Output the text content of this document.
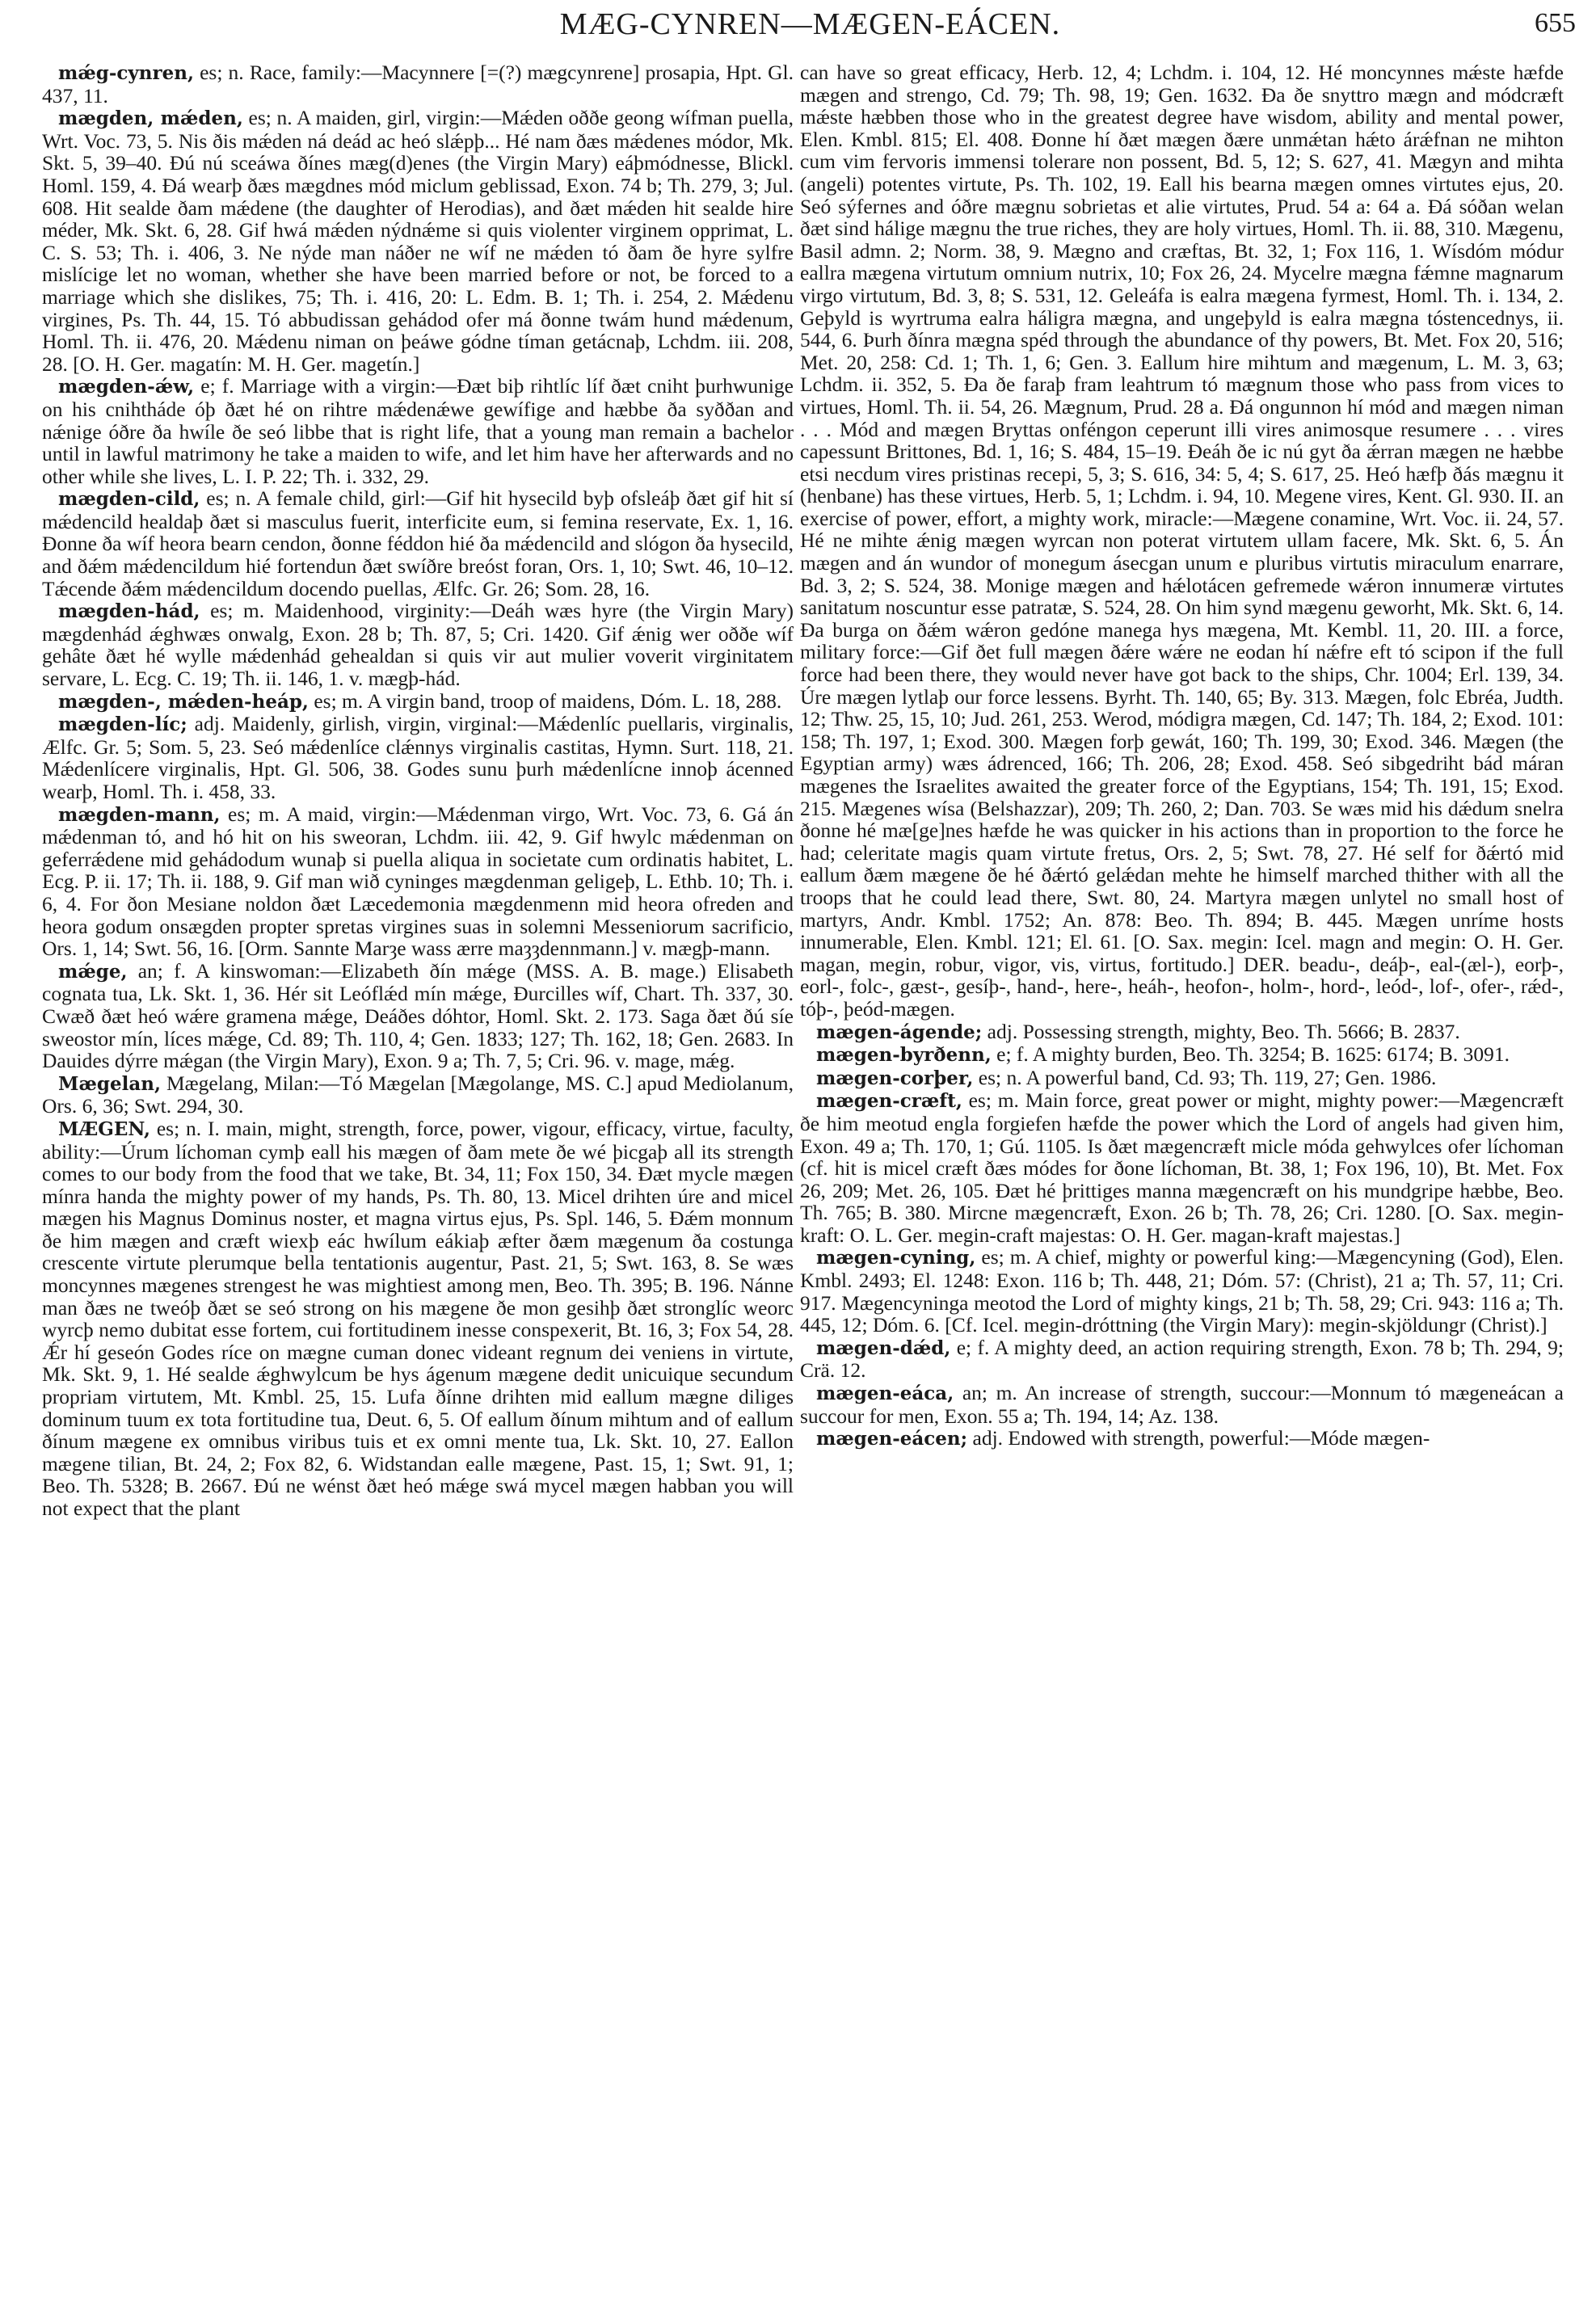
MÆG-CYNREN—MÆGEN-EÁCEN.	655

mǽg-cynren, es; n. Race, family:—Macynnere [=(?) mægcynrene] prosapia, Hpt. Gl. 437, 11.

mægden, mǽden, es; n. A maiden, girl, virgin:—Mǽden oððe geong wífman puella, Wrt. Voc. 73, 5. Nis ðis mǽden ná deád ac heó slǽpþ... Hé nam ðæs mǽdenes módor, Mk. Skt. 5, 39–40. Ðú nú sceáwa ðínes mæg(d)enes (the Virgin Mary) eáþmódnesse, Blickl. Homl. 159, 4. Ðá wearþ ðæs mægdnes mód miclum geblissad, Exon. 74 b; Th. 279, 3; Jul. 608. Hit sealde ðam mǽdene (the daughter of Herodias), and ðæt mǽden hit sealde hire méder, Mk. Skt. 6, 28. Gif hwá mǽden nýdnǽme si quis violenter virginem opprimat, L. C. S. 53; Th. i. 406, 3. Ne nýde man náðer ne wíf ne mǽden tó ðam ðe hyre sylfre mislícige let no woman, whether she have been married before or not, be forced to a marriage which she dislikes, 75; Th. i. 416, 20: L. Edm. B. 1; Th. i. 254, 2. Mǽdenu virgines, Ps. Th. 44, 15. Tó abbudissan gehádod ofer má ðonne twám hund mǽdenum, Homl. Th. ii. 476, 20. Mǽdenu niman on þeáwe gódne tíman getácnaþ, Lchdm. iii. 208, 28. [O. H. Ger. magatín: M. H. Ger. magetín.]

mægden-ǽw, e; f. Marriage with a virgin:—Ðæt biþ rihtlíc líf ðæt cniht þurhwunige on his cnihtháde óþ ðæt hé on rihtre mǽdenǽwe gewífige and hæbbe ða syððan and nǽnige óðre ða hwíle ðe seó libbe that is right life, that a young man remain a bachelor until in lawful matrimony he take a maiden to wife, and let him have her afterwards and no other while she lives, L. I. P. 22; Th. i. 332, 29.

mægden-cild, es; n. A female child, girl:—Gif hit hysecild byþ ofsleáþ ðæt gif hit sí mǽdencild healdaþ ðæt si masculus fuerit, interficite eum, si femina reservate, Ex. 1, 16. Ðonne ða wíf heora bearn cendon, ðonne féddon hié ða mǽdencild and slógon ða hysecild, and ðǽm mǽdencildum hié fortendun ðæt swíðre breóst foran, Ors. 1, 10; Swt. 46, 10–12. Tǽcende ðǽm mǽdencildum docendo puellas, Ælfc. Gr. 26; Som. 28, 16.

mægden-hád, es; m. Maidenhood, virginity:—Deáh wæs hyre (the Virgin Mary) mægdenhád ǽghwæs onwalg, Exon. 28 b; Th. 87, 5; Cri. 1420. Gif ǽnig wer oððe wíf gehâte ðæt hé wylle mǽdenhád gehealdan si quis vir aut mulier voverit virginitatem servare, L. Ecg. C. 19; Th. ii. 146, 1. v. mægþ-hád.

mægden-, mǽden-heáp, es; m. A virgin band, troop of maidens, Dóm. L. 18, 288.

mægden-líc; adj. Maidenly, girlish, virgin, virginal:—Mǽdenlíc puellaris, virginalis, Ælfc. Gr. 5; Som. 5, 23. Seó mǽdenlíce clǽnnys virginalis castitas, Hymn. Surt. 118, 21. Mǽdenlícere virginalis, Hpt. Gl. 506, 38. Godes sunu þurh mǽdenlícne innoþ ácenned wearþ, Homl. Th. i. 458, 33.

mægden-mann, es; m. A maid, virgin:—Mǽdenman virgo, Wrt. Voc. 73, 6. Gá án mǽdenman tó, and hó hit on his sweoran, Lchdm. iii. 42, 9. Gif hwylc mǽdenman on geferrǽdene mid gehádodum wunaþ si puella aliqua in societate cum ordinatis habitet, L. Ecg. P. ii. 17; Th. ii. 188, 9. Gif man wið cyninges mægdenman geligeþ, L. Ethb. 10; Th. i. 6, 4. For ðon Mesiane noldon ðæt Læcedemonia mægdenmenn mid heora ofreden and heora godum onsægden propter spretas virgines suas in solemni Messeniorum sacrificio, Ors. 1, 14; Swt. 56, 16. [Orm. Sannte Marȝe wass ærre maȝȝdennmann.] v. mægþ-mann.

mǽge, an; f. A kinswoman:—Elizabeth ðín mǽge (MSS. A. B. mage.) Elisabeth cognata tua, Lk. Skt. 1, 36. Hér sit Leóflǽd mín mǽge, Ðurcilles wíf, Chart. Th. 337, 30. Cwæð ðæt heó wǽre gramena mǽge, Deáðes dóhtor, Homl. Skt. 2. 173. Saga ðæt ðú síe sweostor mín, líces mǽge, Cd. 89; Th. 110, 4; Gen. 1833; 127; Th. 162, 18; Gen. 2683. In Dauides dýrre mǽgan (the Virgin Mary), Exon. 9 a; Th. 7, 5; Cri. 96. v. mage, mǽg.

Mægelan, Mægelang, Milan:—Tó Mægelan [Mægolange, MS. C.] apud Mediolanum, Ors. 6, 36; Swt. 294, 30.

MÆGEN, es; n. I. main, might, strength, force, power, vigour, efficacy, virtue, faculty, ability:—Úrum líchoman cymþ eall his mægen of ðam mete ðe wé þicgaþ all its strength comes to our body from the food that we take, Bt. 34, 11; Fox 150, 34. Ðæt mycle mægen mínra handa the mighty power of my hands, Ps. Th. 80, 13. Micel drihten úre and micel mægen his Magnus Dominus noster, et magna virtus ejus, Ps. Spl. 146, 5. Ðǽm monnum ðe him mægen and cræft wiexþ eác hwílum eákiaþ æfter ðæm mægenum ða costunga crescente virtute plerumque bella tentationis augentur, Past. 21, 5; Swt. 163, 8. Se wæs moncynnes mægenes strengest he was mightiest among men, Beo. Th. 395; B. 196. Nánne man ðæs ne tweóþ ðæt se seó strong on his mægene ðe mon gesihþ ðæt stronglíc weorc wyrcþ nemo dubitat esse fortem, cui fortitudinem inesse conspexerit, Bt. 16, 3; Fox 54, 28. Ǽr hí geseón Godes ríce on mægne cuman donec videant regnum dei veniens in virtute, Mk. Skt. 9, 1. Hé sealde ǽghwylcum be hys ágenum mægene dedit unicuique secundum propriam virtutem, Mt. Kmbl. 25, 15. Lufa ðínne drihten mid eallum mægne diliges dominum tuum ex tota fortitudine tua, Deut. 6, 5. Of eallum ðínum mihtum and of eallum ðínum mægene ex omnibus viribus tuis et ex omni mente tua, Lk. Skt. 10, 27. Eallon mægene tilian, Bt. 24, 2; Fox 82, 6. Widstandan ealle mægene, Past. 15, 1; Swt. 91, 1; Beo. Th. 5328; B. 2667. Ðú ne wénst ðæt heó mǽge swá mycel mægen habban you will not expect that the plant

can have so great efficacy, Herb. 12, 4; Lchdm. i. 104, 12. Hé moncynnes mǽste hæfde mægen and strengo, Cd. 79; Th. 98, 19; Gen. 1632. Ða ðe snyttro mægn and módcræft mǽste hæbben those who in the greatest degree have wisdom, ability and mental power, Elen. Kmbl. 815; El. 408. Ðonne hí ðæt mægen ðære unmǽtan hǽto árǽfnan ne mihton cum vim fervoris immensi tolerare non possent, Bd. 5, 12; S. 627, 41. Mægyn and mihta (angeli) potentes virtute, Ps. Th. 102, 19. Eall his bearna mægen omnes virtutes ejus, 20. Seó sýfernes and óðre mægnu sobrietas et alie virtutes, Prud. 54 a: 64 a. Ðá sóðan welan ðæt sind hálige mægnu the true riches, they are holy virtues, Homl. Th. ii. 88, 310. Mægenu, Basil admn. 2; Norm. 38, 9. Mægno and cræftas, Bt. 32, 1; Fox 116, 1. Wísdóm módur eallra mægena virtutum omnium nutrix, 10; Fox 26, 24. Mycelre mægna fǽmne magnarum virgo virtutum, Bd. 3, 8; S. 531, 12. Geleáfa is ealra mægena fyrmest, Homl. Th. i. 134, 2. Geþyld is wyrtruma ealra háligra mægna, and ungeþyld is ealra mægna tóstencednys, ii. 544, 6. Þurh ðínra mægna spéd through the abundance of thy powers, Bt. Met. Fox 20, 516; Met. 20, 258: Cd. 1; Th. 1, 6; Gen. 3. Eallum hire mihtum and mægenum, L. M. 3, 63; Lchdm. ii. 352, 5. Ða ðe faraþ fram leahtrum tó mægnum those who pass from vices to virtues, Homl. Th. ii. 54, 26. Mægnum, Prud. 28 a. Ðá ongunnon hí mód and mægen niman . . . Mód and mægen Bryttas onféngon ceperunt illi vires animosque resumere . . . vires capessunt Brittones, Bd. 1, 16; S. 484, 15–19. Ðeáh ðe ic nú gyt ða ǽrran mægen ne hæbbe etsi necdum vires pristinas recepi, 5, 3; S. 616, 34: 5, 4; S. 617, 25. Heó hæfþ ðás mægnu it (henbane) has these virtues, Herb. 5, 1; Lchdm. i. 94, 10. Megene vires, Kent. Gl. 930. II. an exercise of power, effort, a mighty work, miracle:—Mægene conamine, Wrt. Voc. ii. 24, 57. Hé ne mihte ǽnig mægen wyrcan non poterat virtutem ullam facere, Mk. Skt. 6, 5. Án mægen and án wundor of monegum ásecgan unum e pluribus virtutis miraculum enarrare, Bd. 3, 2; S. 524, 38. Monige mægen and hǽlotácen gefremede wǽron innumeræ virtutes sanitatum noscuntur esse patratæ, S. 524, 28. On him synd mægenu geworht, Mk. Skt. 6, 14. Ða burga on ðǽm wǽron gedóne manega hys mægena, Mt. Kembl. 11, 20. III. a force, military force:—Gif ðet full mægen ðǽre wǽre ne eodan hí nǽfre eft tó scipon if the full force had been there, they would never have got back to the ships, Chr. 1004; Erl. 139, 34. Úre mægen lytlaþ our force lessens. Byrht. Th. 140, 65; By. 313. Mægen, folc Ebréa, Judth. 12; Thw. 25, 15, 10; Jud. 261, 253. Werod, módigra mægen, Cd. 147; Th. 184, 2; Exod. 101: 158; Th. 197, 1; Exod. 300. Mægen forþ gewát, 160; Th. 199, 30; Exod. 346. Mægen (the Egyptian army) wæs ádrenced, 166; Th. 206, 28; Exod. 458. Seó sibgedriht bád máran mægenes the Israelites awaited the greater force of the Egyptians, 154; Th. 191, 15; Exod. 215. Mægenes wísa (Belshazzar), 209; Th. 260, 2; Dan. 703. Se wæs mid his dǽdum snelra ðonne hé mæ[ge]nes hæfde he was quicker in his actions than in proportion to the force he had; celeritate magis quam virtute fretus, Ors. 2, 5; Swt. 78, 27. Hé self for ðǽrtó mid eallum ðæm mægene ðe hé ðǽrtó gelǽdan mehte he himself marched thither with all the troops that he could lead there, Swt. 80, 24. Martyra mægen unlytel no small host of martyrs, Andr. Kmbl. 1752; An. 878: Beo. Th. 894; B. 445. Mægen unríme hosts innumerable, Elen. Kmbl. 121; El. 61. [O. Sax. megin: Icel. magn and megin: O. H. Ger. magan, megin, robur, vigor, vis, virtus, fortitudo.] DER. beadu-, deáþ-, eal-(æl-), eorþ-, eorl-, folc-, gæst-, gesíþ-, hand-, here-, heáh-, heofon-, holm-, hord-, leód-, lof-, ofer-, rǽd-, tóþ-, þeód-mægen.

mægen-ágende; adj. Possessing strength, mighty, Beo. Th. 5666; B. 2837.

mægen-byrðenn, e; f. A mighty burden, Beo. Th. 3254; B. 1625: 6174; B. 3091.

mægen-corþer, es; n. A powerful band, Cd. 93; Th. 119, 27; Gen. 1986.

mægen-cræft, es; m. Main force, great power or might, mighty power:—Mægencræft ðe him meotud engla forgiefen hæfde the power which the Lord of angels had given him, Exon. 49 a; Th. 170, 1; Gú. 1105. Is ðæt mægencræft micle móda gehwylces ofer líchoman (cf. hit is micel cræft ðæs módes for ðone líchoman, Bt. 38, 1; Fox 196, 10), Bt. Met. Fox 26, 209; Met. 26, 105. Ðæt hé þrittiges manna mægencræft on his mundgripe hæbbe, Beo. Th. 765; B. 380. Mircne mægencræft, Exon. 26 b; Th. 78, 26; Cri. 1280. [O. Sax. megin-kraft: O. L. Ger. megin-craft majestas: O. H. Ger. magan-kraft majestas.]

mægen-cyning, es; m. A chief, mighty or powerful king:—Mægencyning (God), Elen. Kmbl. 2493; El. 1248: Exon. 116 b; Th. 448, 21; Dóm. 57: (Christ), 21 a; Th. 57, 11; Cri. 917. Mægencyninga meotod the Lord of mighty kings, 21 b; Th. 58, 29; Cri. 943: 116 a; Th. 445, 12; Dóm. 6. [Cf. Icel. megin-dróttning (the Virgin Mary): megin-skjöldungr (Christ).]

mægen-dǽd, e; f. A mighty deed, an action requiring strength, Exon. 78 b; Th. 294, 9; Crä. 12.

mægen-eáca, an; m. An increase of strength, succour:—Monnum tó mægeneácan a succour for men, Exon. 55 a; Th. 194, 14; Az. 138.

mægen-eácen; adj. Endowed with strength, powerful:—Móde mægen-
